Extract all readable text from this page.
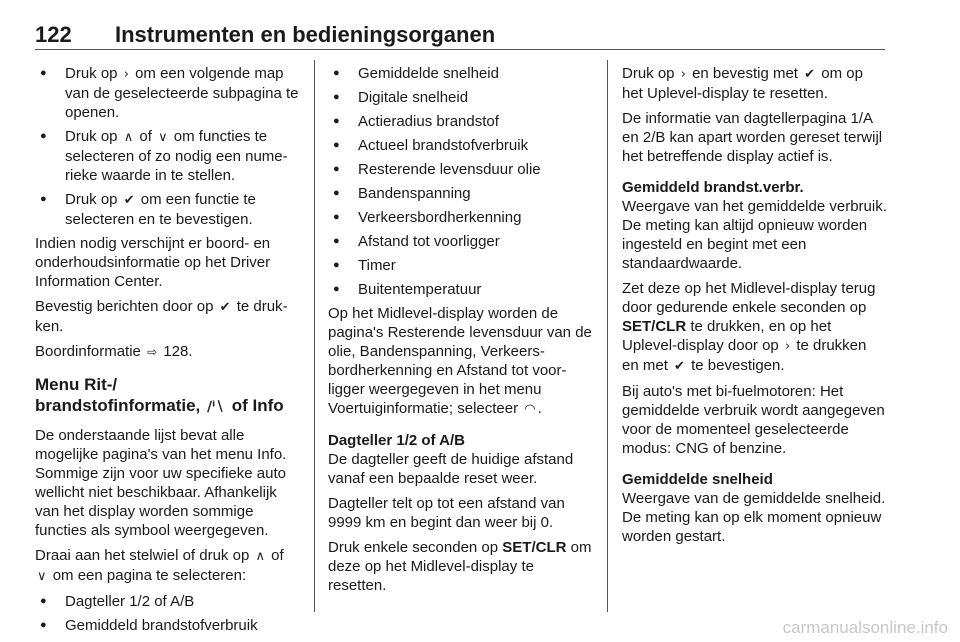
122 Instrumenten en bedieningsorganen
● Druk op › om een volgende map van de geselecteerde subpagina te openen.
● Druk op ∧ of ∨ om functies te selecteren of zo nodig een numerieke waarde in te stellen.
● Druk op ✔ om een functie te selecteren en te bevestigen.

Indien nodig verschijnt er boord- en onderhoudsinformatie op het Driver Information Center.

Bevestig berichten door op ✔ te drukken.

Boordinformatie ⇨ 128.

Menu Rit-/
brandstofinformatie, ∕ⁱ∖ of Info

De onderstaande lijst bevat alle mogelijke pagina's van het menu Info. Sommige zijn voor uw specifieke auto wellicht niet beschikbaar. Afhankelijk van het display worden sommige functies als symbool weergegeven.

Draai aan het stelwiel of druk op ∧ of
∨ om een pagina te selecteren:

● Dagteller 1/2 of A/B
● Gemiddeld brandstofverbruik
● Gemiddelde snelheid
● Digitale snelheid
● Actieradius brandstof
● Actueel brandstofverbruik
● Resterende levensduur olie
● Bandenspanning
● Verkeersbordherkenning
● Afstand tot voorligger
● Timer
● Buitentemperatuur

Op het Midlevel-display worden de pagina's Resterende levensduur van de olie, Bandenspanning, Verkeersbordherkenning en Afstand tot voorligger weergegeven in het menu Voertuiginformatie; selecteer ◠ .

Dagteller 1/2 of A/B

De dagteller geeft de huidige afstand vanaf een bepaalde reset weer.

Dagteller telt op tot een afstand van 9999 km en begint dan weer bij 0.

Druk enkele seconden op SET/CLR om deze op het Midlevel-display te resetten.

Druk op › en bevestig met ✔ om op het Uplevel-display te resetten.

De informatie van dagtellerpagina 1/A en 2/B kan apart worden gereset terwijl het betreffende display actief is.

Gemiddeld brandst.verbr.

Weergave van het gemiddelde verbruik. De meting kan altijd opnieuw worden ingesteld en begint met een standaardwaarde.

Zet deze op het Midlevel-display terug door gedurende enkele seconden op SET/CLR te drukken, en op het Uplevel-display door op › te drukken en met ✔ te bevestigen.

Bij auto's met bi-fuelmotoren: Het gemiddelde verbruik wordt aangegeven voor de momenteel geselecteerde modus: CNG of benzine.

Gemiddelde snelheid

Weergave van de gemiddelde snelheid. De meting kan op elk moment opnieuw worden gestart.

carmanualsonline.info
